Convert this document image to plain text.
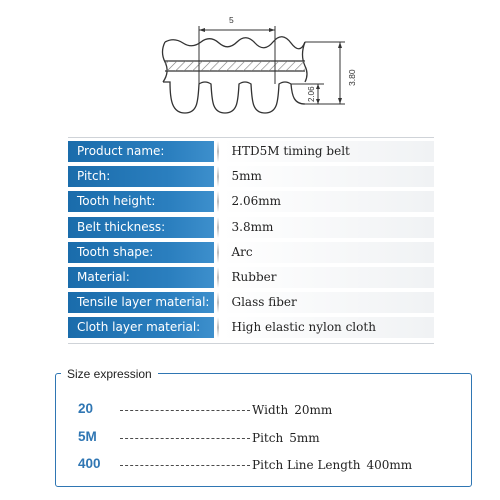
5
2.06
3.80
Product name:	HTD5M timing belt
Pitch:	5mm
Tooth height:	2.06mm
Belt thickness:	3.8mm
Tooth shape:	Arc
Material:	Rubber
Tensile layer material:	Glass fiber
Cloth layer material:	High elastic nylon cloth
Size expression
20	Width 20mm
5M	Pitch 5mm
400	Pitch Line Length 400mm
